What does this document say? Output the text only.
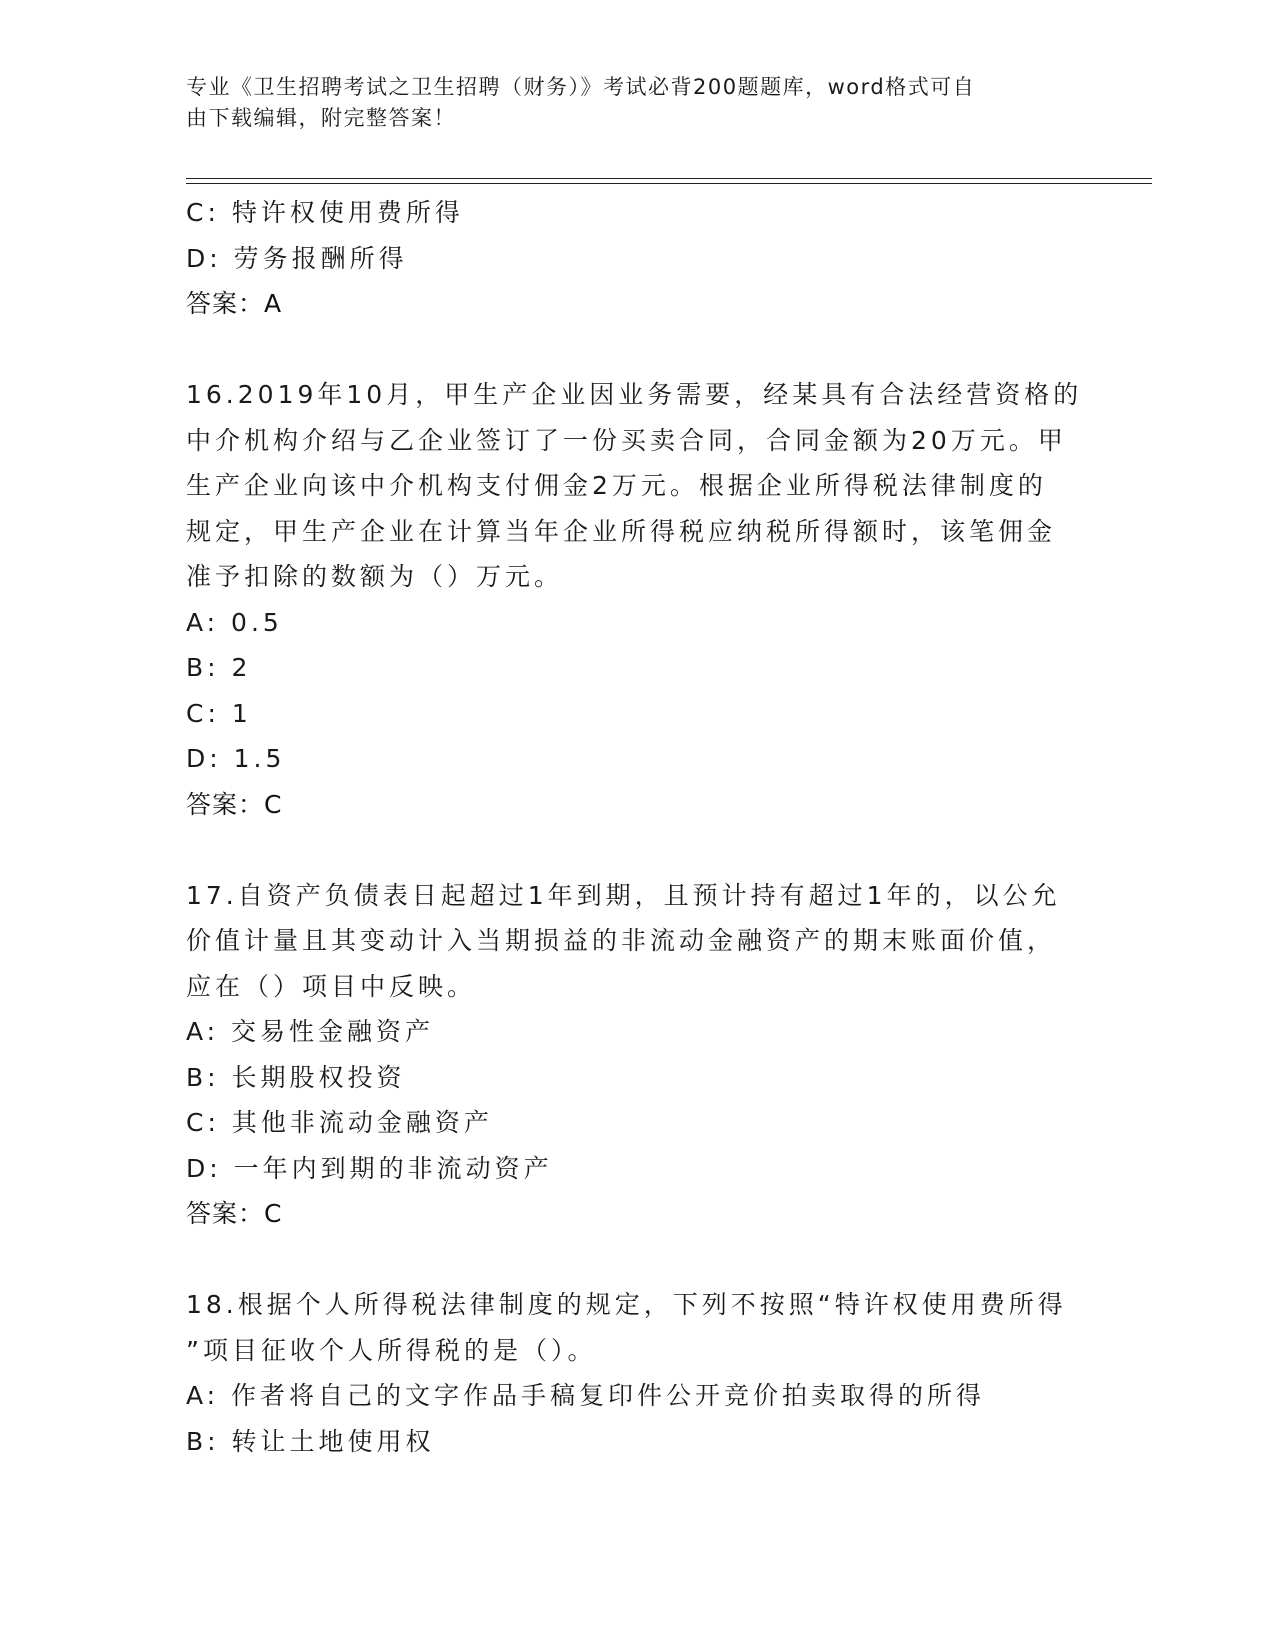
专业《卫生招聘考试之卫生招聘（财务）》考试必背200题题库，word格式可自
由下载编辑，附完整答案！
C: 特许权使用费所得
D: 劳务报酬所得
答案：A
16.2019年10月，甲生产企业因业务需要，经某具有合法经营资格的
中介机构介绍与乙企业签订了一份买卖合同，合同金额为20万元。甲
生产企业向该中介机构支付佣金2万元。根据企业所得税法律制度的
规定，甲生产企业在计算当年企业所得税应纳税所得额时，该笔佣金
准予扣除的数额为（）万元。
A: 0.5
B: 2
C: 1
D: 1.5
答案：C
17.自资产负债表日起超过1年到期，且预计持有超过1年的，以公允
价值计量且其变动计入当期损益的非流动金融资产的期末账面价值，
应在（）项目中反映。
A: 交易性金融资产
B: 长期股权投资
C: 其他非流动金融资产
D: 一年内到期的非流动资产
答案：C
18.根据个人所得税法律制度的规定，下列不按照“特许权使用费所得
”项目征收个人所得税的是（）。
A: 作者将自己的文字作品手稿复印件公开竞价拍卖取得的所得
B: 转让土地使用权
